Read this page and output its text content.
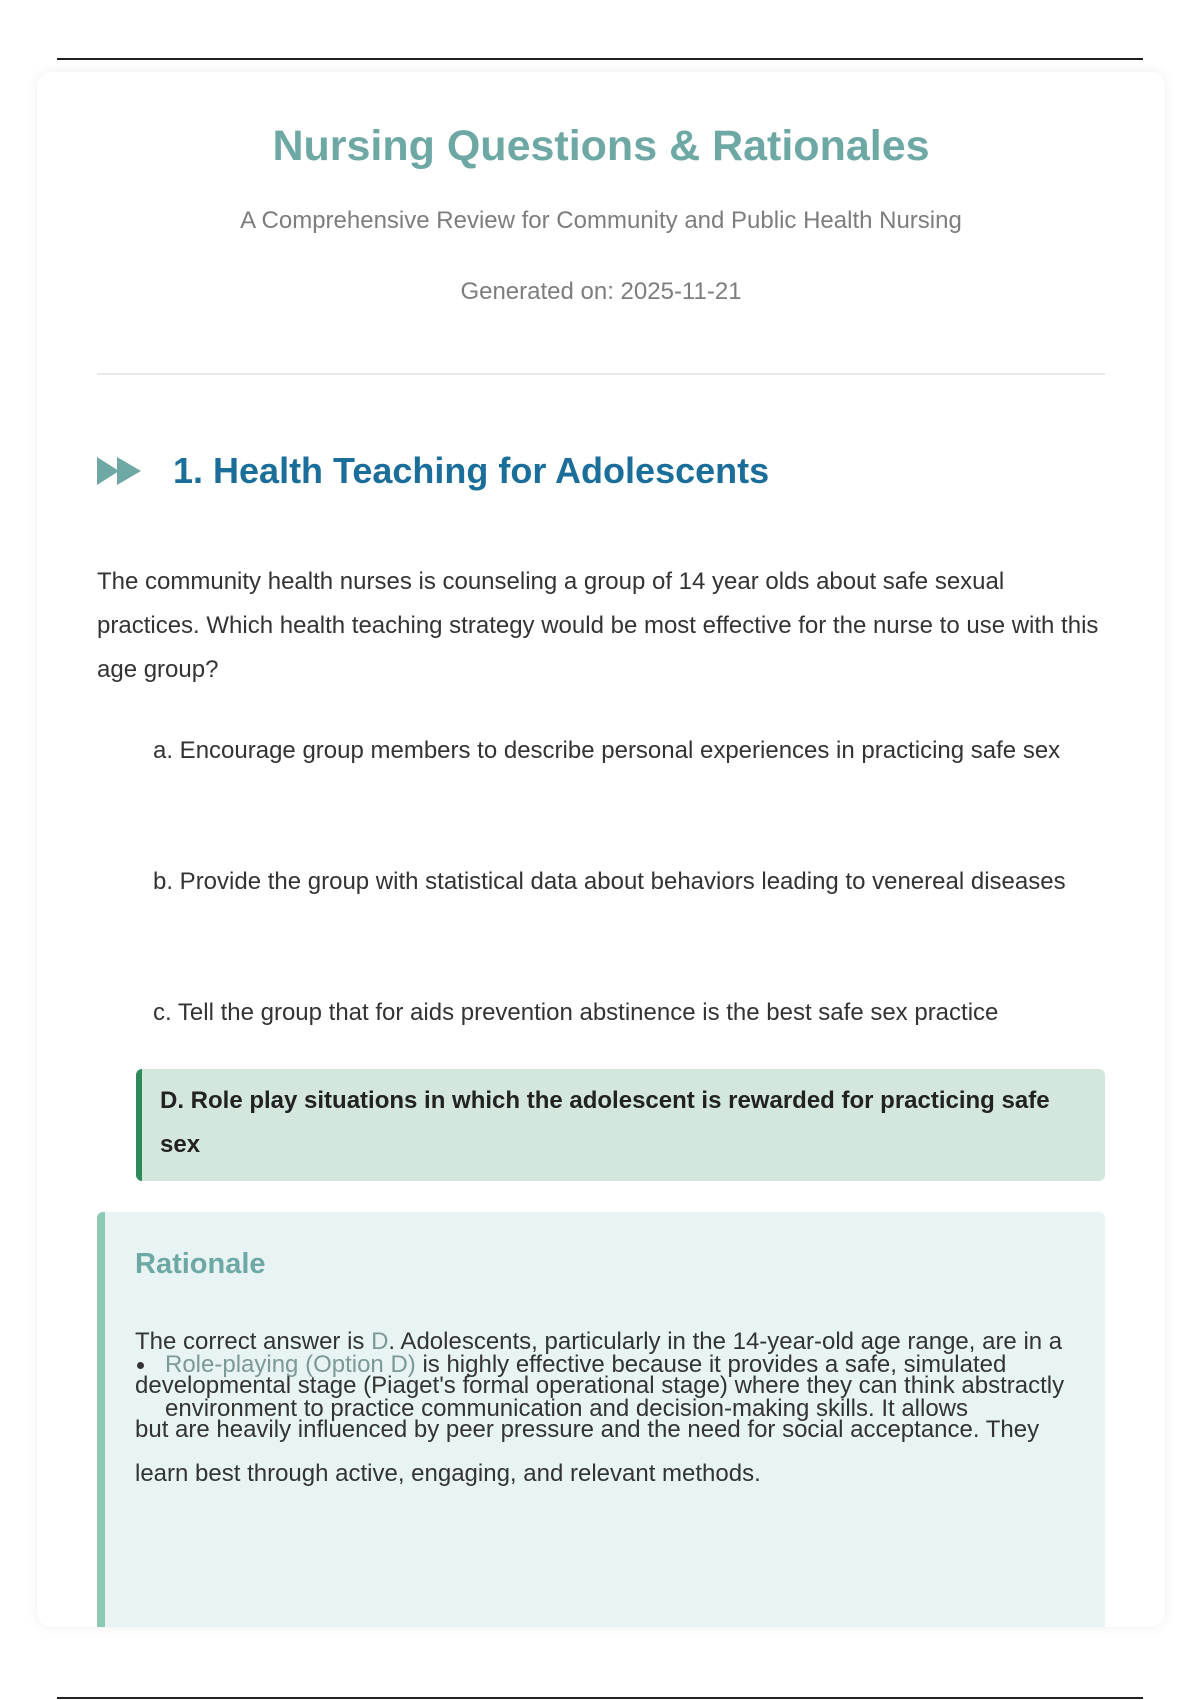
Nursing Questions & Rationales
A Comprehensive Review for Community and Public Health Nursing
Generated on: 2025-11-21
1. Health Teaching for Adolescents

The community health nurses is counseling a group of 14 year olds about safe sexual practices. Which health teaching strategy would be most effective for the nurse to use with this age group?

a. Encourage group members to describe personal experiences in practicing safe sex
b. Provide the group with statistical data about behaviors leading to venereal diseases
c. Tell the group that for aids prevention abstinence is the best safe sex practice
D. Role play situations in which the adolescent is rewarded for practicing safe sex
Rationale

The correct answer is D. Adolescents, particularly in the 14-year-old age range, are in a developmental stage (Piaget's formal operational stage) where they can think abstractly but are heavily influenced by peer pressure and the need for social acceptance. They learn best through active, engaging, and relevant methods.

Role-playing (Option D) is highly effective because it provides a safe, simulated environment to practice communication and decision-making skills. It allows
